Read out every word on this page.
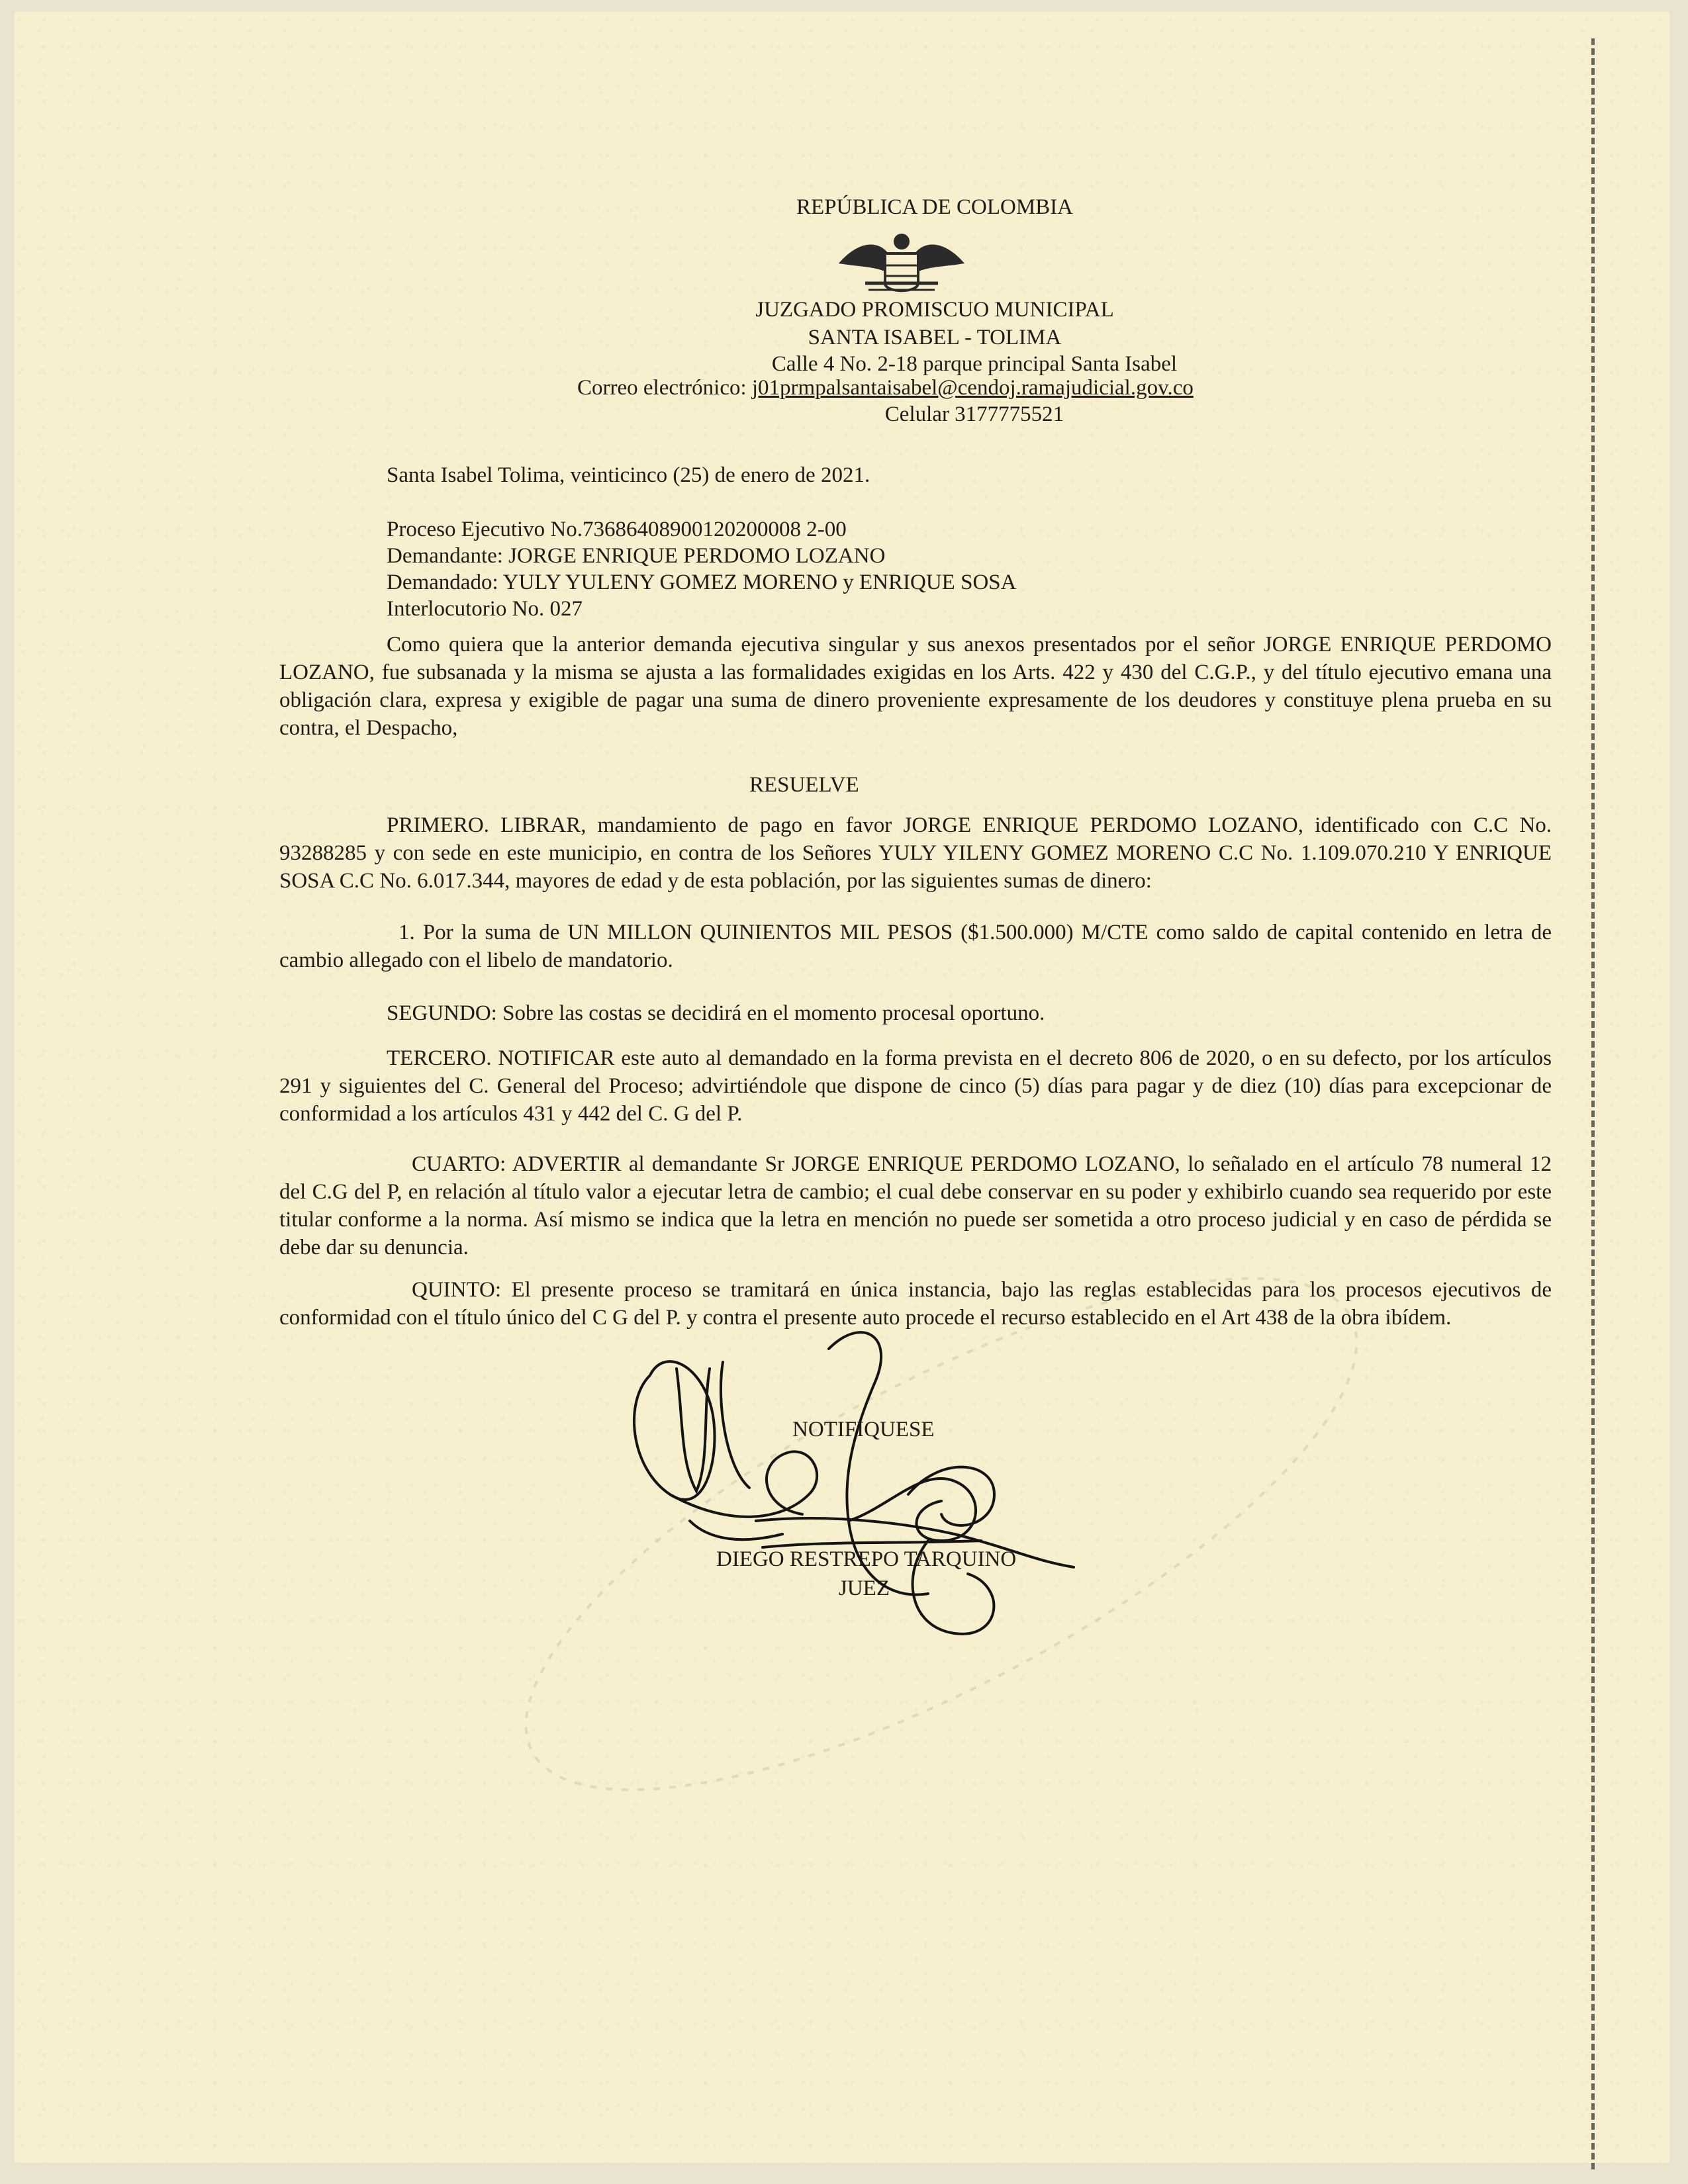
REPÚBLICA DE COLOMBIA
JUZGADO PROMISCUO MUNICIPAL
SANTA ISABEL - TOLIMA
Calle 4 No. 2-18 parque principal Santa Isabel
Correo electrónico: j01prmpalsantaisabel@cendoj.ramajudicial.gov.co
Celular 3177775521
Santa Isabel Tolima, veinticinco (25) de enero de 2021.
Proceso Ejecutivo No.73686408900120200008 2-00
Demandante: JORGE ENRIQUE PERDOMO LOZANO
Demandado: YULY YULENY GOMEZ MORENO y ENRIQUE SOSA
Interlocutorio No. 027
Como quiera que la anterior demanda ejecutiva singular y sus anexos presentados por el señor JORGE ENRIQUE PERDOMO LOZANO, fue subsanada y la misma se ajusta a las formalidades exigidas en los Arts. 422 y 430 del C.G.P., y del título ejecutivo emana una obligación clara, expresa y exigible de pagar una suma de dinero proveniente expresamente de los deudores y constituye plena prueba en su contra, el Despacho,
RESUELVE
PRIMERO. LIBRAR, mandamiento de pago en favor JORGE ENRIQUE PERDOMO LOZANO, identificado con C.C No. 93288285 y con sede en este municipio, en contra de los Señores YULY YILENY GOMEZ MORENO C.C No. 1.109.070.210 Y ENRIQUE SOSA C.C No. 6.017.344, mayores de edad y de esta población, por las siguientes sumas de dinero:
1. Por la suma de UN MILLON QUINIENTOS MIL PESOS ($1.500.000) M/CTE como saldo de capital contenido en letra de cambio allegado con el libelo de mandatorio.
SEGUNDO: Sobre las costas se decidirá en el momento procesal oportuno.
TERCERO. NOTIFICAR este auto al demandado en la forma prevista en el decreto 806 de 2020, o en su defecto, por los artículos 291 y siguientes del C. General del Proceso; advirtiéndole que dispone de cinco (5) días para pagar y de diez (10) días para excepcionar de conformidad a los artículos 431 y 442 del C. G del P.
CUARTO: ADVERTIR al demandante Sr JORGE ENRIQUE PERDOMO LOZANO, lo señalado en el artículo 78 numeral 12 del C.G del P, en relación al título valor a ejecutar letra de cambio; el cual debe conservar en su poder y exhibirlo cuando sea requerido por este titular conforme a la norma. Así mismo se indica que la letra en mención no puede ser sometida a otro proceso judicial y en caso de pérdida se debe dar su denuncia.
QUINTO: El presente proceso se tramitará en única instancia, bajo las reglas establecidas para los procesos ejecutivos de conformidad con el título único del C G del P. y contra el presente auto procede el recurso establecido en el Art 438 de la obra ibídem.
NOTIFIQUESE
DIEGO RESTREPO TARQUINO
JUEZ
